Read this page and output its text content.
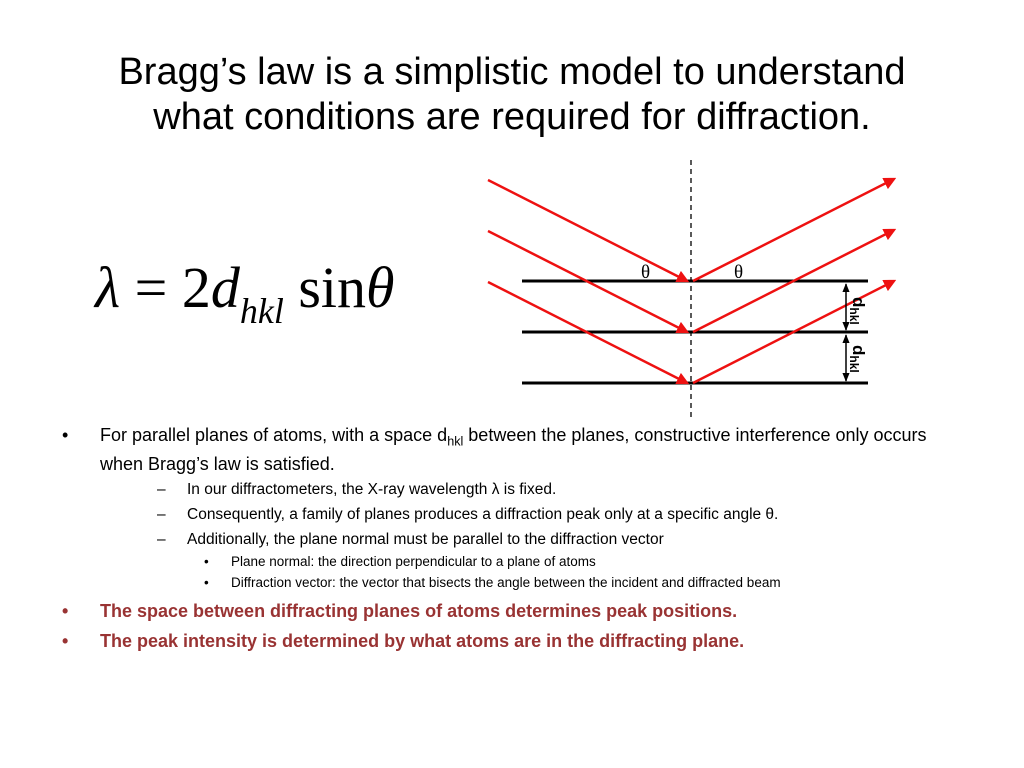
Bragg’s law is a simplistic model to understand
what conditions are required for diffraction.
$\lambda = 2d_{hkl}$ sinθ	θ	θ
dhkl
dhkl
• For parallel planes of atoms, with a space $d_{hkl}$ between the planes, constructive interference only occurs when Bragg’s law is satisfied.
– In our diffractometers, the X-ray wavelength λ is fixed.
– Consequently, a family of planes produces a diffraction peak only at a specific angle θ.
– Additionally, the plane normal must be parallel to the diffraction vector
• Plane normal: the direction perpendicular to a plane of atoms
• Diffraction vector: the vector that bisects the angle between the incident and diffracted beam
• The space between diffracting planes of atoms determines peak positions.
• The peak intensity is determined by what atoms are in the diffracting plane.
